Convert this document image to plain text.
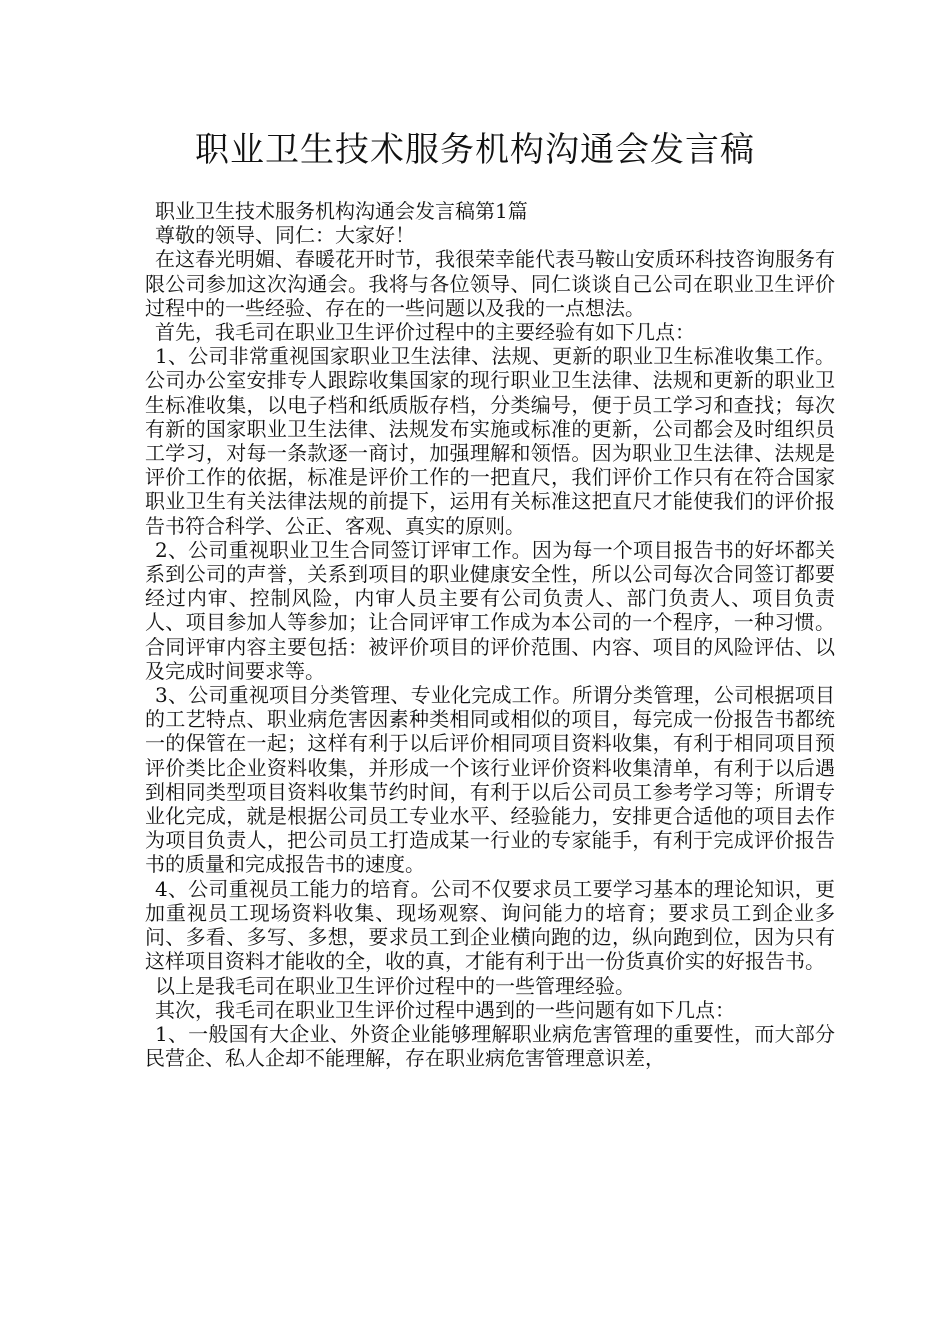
职业卫生技术服务机构沟通会发言稿

职业卫生技术服务机构沟通会发言稿第1篇

尊敬的领导、同仁：大家好！

在这春光明媚、春暖花开时节，我很荣幸能代表马鞍山安质环科技咨询服务有限公司参加这次沟通会。我将与各位领导、同仁谈谈自己公司在职业卫生评价过程中的一些经验、存在的一些问题以及我的一点想法。

首先，我毛司在职业卫生评价过程中的主要经验有如下几点：

1、公司非常重视国家职业卫生法律、法规、更新的职业卫生标准收集工作。公司办公室安排专人跟踪收集国家的现行职业卫生法律、法规和更新的职业卫生标准收集，以电子档和纸质版存档，分类编号，便于员工学习和查找；每次有新的国家职业卫生法律、法规发布实施或标准的更新，公司都会及时组织员工学习，对每一条款逐一商讨，加强理解和领悟。因为职业卫生法律、法规是评价工作的依据，标准是评价工作的一把直尺，我们评价工作只有在符合国家职业卫生有关法律法规的前提下，运用有关标准这把直尺才能使我们的评价报告书符合科学、公正、客观、真实的原则。

2、公司重视职业卫生合同签订评审工作。因为每一个项目报告书的好坏都关系到公司的声誉，关系到项目的职业健康安全性，所以公司每次合同签订都要经过内审、控制风险，内审人员主要有公司负责人、部门负责人、项目负责人、项目参加人等参加；让合同评审工作成为本公司的一个程序，一种习惯。合同评审内容主要包括：被评价项目的评价范围、内容、项目的风险评估、以及完成时间要求等。

3、公司重视项目分类管理、专业化完成工作。所谓分类管理，公司根据项目的工艺特点、职业病危害因素种类相同或相似的项目，每完成一份报告书都统一的保管在一起；这样有利于以后评价相同项目资料收集，有利于相同项目预评价类比企业资料收集，并形成一个该行业评价资料收集清单，有利于以后遇到相同类型项目资料收集节约时间，有利于以后公司员工参考学习等；所谓专业化完成，就是根据公司员工专业水平、经验能力，安排更合适他的项目去作为项目负责人，把公司员工打造成某一行业的专家能手，有利于完成评价报告书的质量和完成报告书的速度。

4、公司重视员工能力的培育。公司不仅要求员工要学习基本的理论知识，更加重视员工现场资料收集、现场观察、询问能力的培育；要求员工到企业多问、多看、多写、多想，要求员工到企业横向跑的边，纵向跑到位，因为只有这样项目资料才能收的全，收的真，才能有利于出一份货真价实的好报告书。

以上是我毛司在职业卫生评价过程中的一些管理经验。

其次，我毛司在职业卫生评价过程中遇到的一些问题有如下几点：

1、一般国有大企业、外资企业能够理解职业病危害管理的重要性，而大部分民营企、私人企却不能理解，存在职业病危害管理意识差，
